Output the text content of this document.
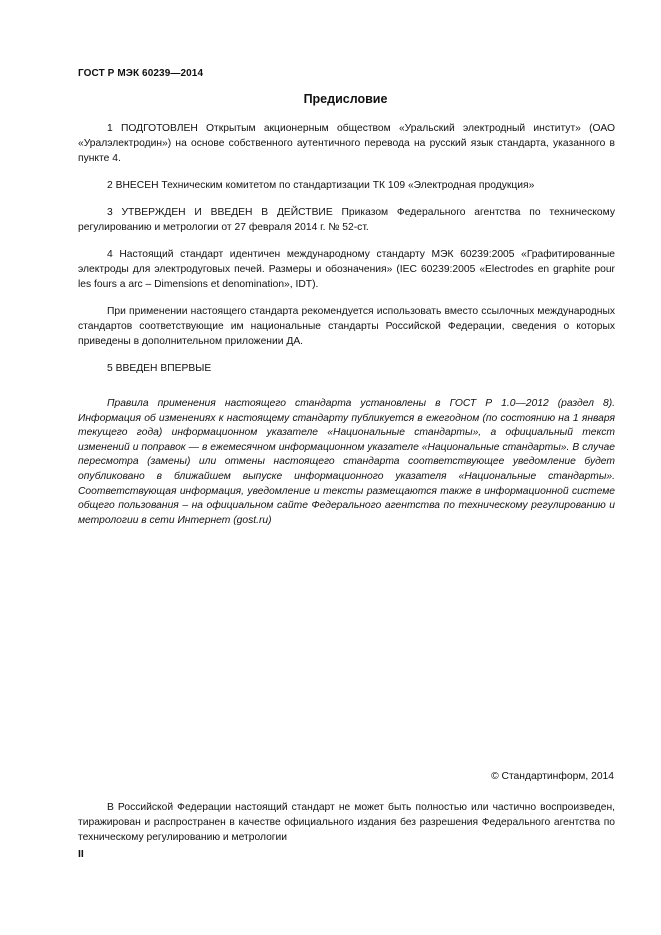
ГОСТ Р МЭК 60239—2014
Предисловие

1 ПОДГОТОВЛЕН Открытым акционерным обществом «Уральский электродный институт» (ОАО «Уралэлектродин») на основе собственного аутентичного перевода на русский язык стандарта, указанного в пункте 4.

2 ВНЕСЕН Техническим комитетом по стандартизации ТК 109 «Электродная продукция»

3 УТВЕРЖДЕН И ВВЕДЕН В ДЕЙСТВИЕ Приказом Федерального агентства по техническому регулированию и метрологии от 27 февраля 2014 г. № 52-ст.

4 Настоящий стандарт идентичен международному стандарту МЭК 60239:2005 «Графитированные электроды для электродуговых печей. Размеры и обозначения» (IEC 60239:2005 «Electrodes en graphite pour les fours a arc – Dimensions et denomination», IDT).

При применении настоящего стандарта рекомендуется использовать вместо ссылочных международных стандартов соответствующие им национальные стандарты Российской Федерации, сведения о которых приведены в дополнительном приложении ДА.

5 ВВЕДЕН ВПЕРВЫЕ

Правила применения настоящего стандарта установлены в ГОСТ Р 1.0—2012 (раздел 8). Информация об изменениях к настоящему стандарту публикуется в ежегодном (по состоянию на 1 января текущего года) информационном указателе «Национальные стандарты», а официальный текст изменений и поправок — в ежемесячном информационном указателе «Национальные стандарты». В случае пересмотра (замены) или отмены настоящего стандарта соответствующее уведомление будет опубликовано в ближайшем выпуске информационного указателя «Национальные стандарты». Соответствующая информация, уведомление и тексты размещаются также в информационной системе общего пользования – на официальном сайте Федерального агентства по техническому регулированию и метрологии в сети Интернет (gost.ru)

© Стандартинформ, 2014

В Российской Федерации настоящий стандарт не может быть полностью или частично воспроизведен, тиражирован и распространен в качестве официального издания без разрешения Федерального агентства по техническому регулированию и метрологии

II
